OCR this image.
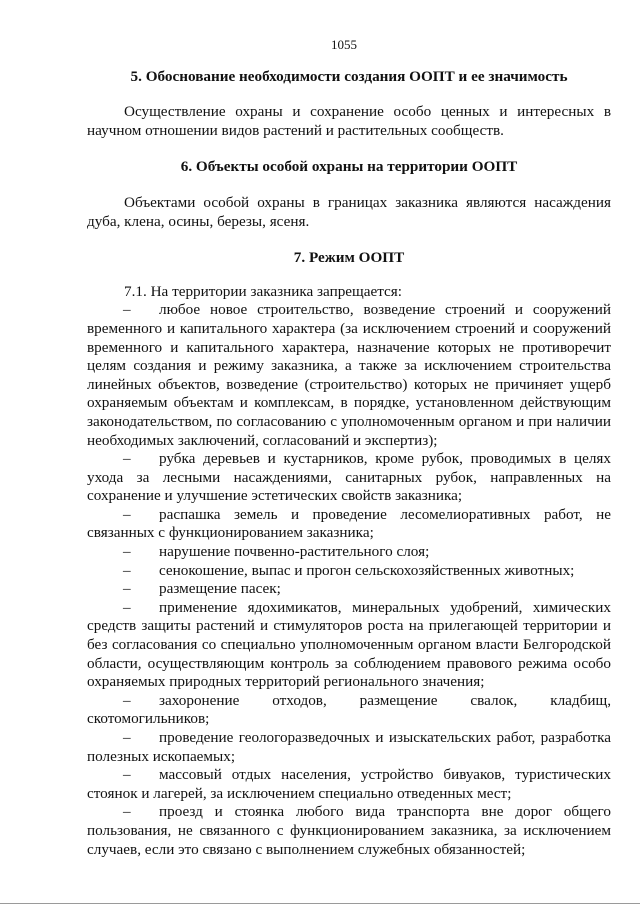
1055
5. Обоснование необходимости создания ООПТ и ее значимость

Осуществление охраны и сохранение особо ценных и интересных в научном отношении видов растений и растительных сообществ.

6. Объекты особой охраны на территории ООПТ

Объектами особой охраны в границах заказника являются насаждения дуба, клена, осины, березы, ясеня.

7. Режим ООПТ

7.1. На территории заказника запрещается:

– любое новое строительство, возведение строений и сооружений временного и капитального характера (за исключением строений и сооружений временного и капитального характера, назначение которых не противоречит целям создания и режиму заказника, а также за исключением строительства линейных объектов, возведение (строительство) которых не причиняет ущерб охраняемым объектам и комплексам, в порядке, установленном действующим законодательством, по согласованию с уполномоченным органом и при наличии необходимых заключений, согласований и экспертиз);

– рубка деревьев и кустарников, кроме рубок, проводимых в целях ухода за лесными насаждениями, санитарных рубок, направленных на сохранение и улучшение эстетических свойств заказника;

– распашка земель и проведение лесомелиоративных работ, не связанных с функционированием заказника;

– нарушение почвенно-растительного слоя;

– сенокошение, выпас и прогон сельскохозяйственных животных;

– размещение пасек;

– применение ядохимикатов, минеральных удобрений, химических средств защиты растений и стимуляторов роста на прилегающей территории и без согласования со специально уполномоченным органом власти Белгородской области, осуществляющим контроль за соблюдением правового режима особо охраняемых природных территорий регионального значения;

– захоронение отходов, размещение свалок, кладбищ, скотомогильников;

– проведение геологоразведочных и изыскательских работ, разработка полезных ископаемых;

– массовый отдых населения, устройство бивуаков, туристических стоянок и лагерей, за исключением специально отведенных мест;

– проезд и стоянка любого вида транспорта вне дорог общего пользования, не связанного с функционированием заказника, за исключением случаев, если это связано с выполнением служебных обязанностей;
